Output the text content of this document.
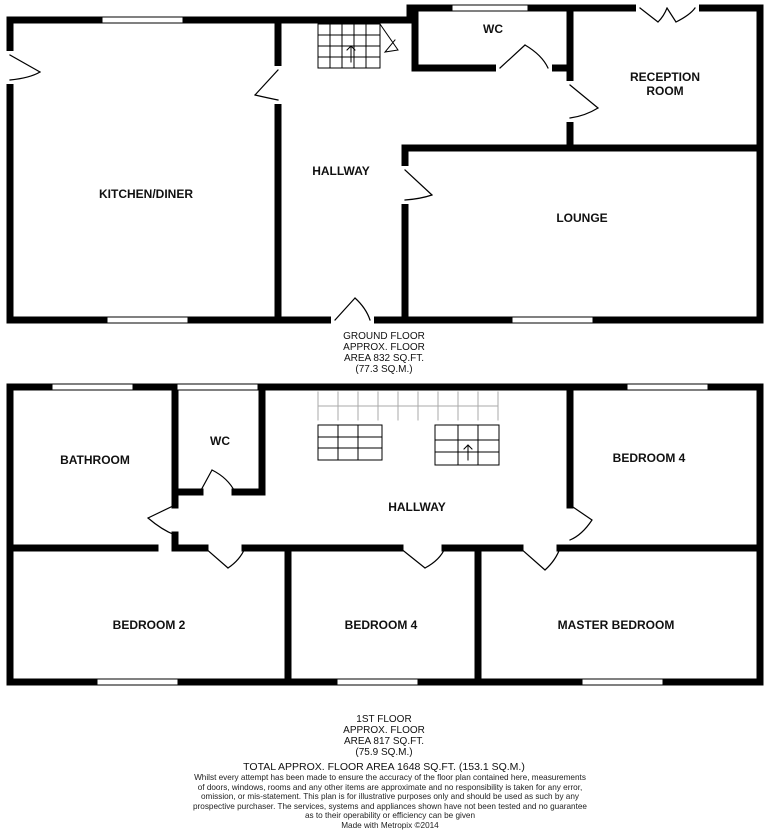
KITCHEN/DINER
HALLWAY
WC
RECEPTION ROOM
LOUNGE
GROUND FLOOR
APPROX. FLOOR
AREA 832 SQ.FT.
(77.3 SQ.M.)
BATHROOM
WC
HALLWAY
BEDROOM 4
BEDROOM 2	BEDROOM 4	MASTER BEDROOM
1ST FLOOR
APPROX. FLOOR
AREA 817 SQ.FT.
(75.9 SQ.M.)
TOTAL APPROX. FLOOR AREA 1648 SQ.FT. (153.1 SQ.M.)
Whilst every attempt has been made to ensure the accuracy of the floor plan contained here, measurements
of doors, windows, rooms and any other items are approximate and no responsibility is taken for any error,
omission, or mis-statement. This plan is for illustrative purposes only and should be used as such by any
prospective purchaser. The services, systems and appliances shown have not been tested and no guarantee
as to their operability or efficiency can be given
Made with Metropix ©2014
